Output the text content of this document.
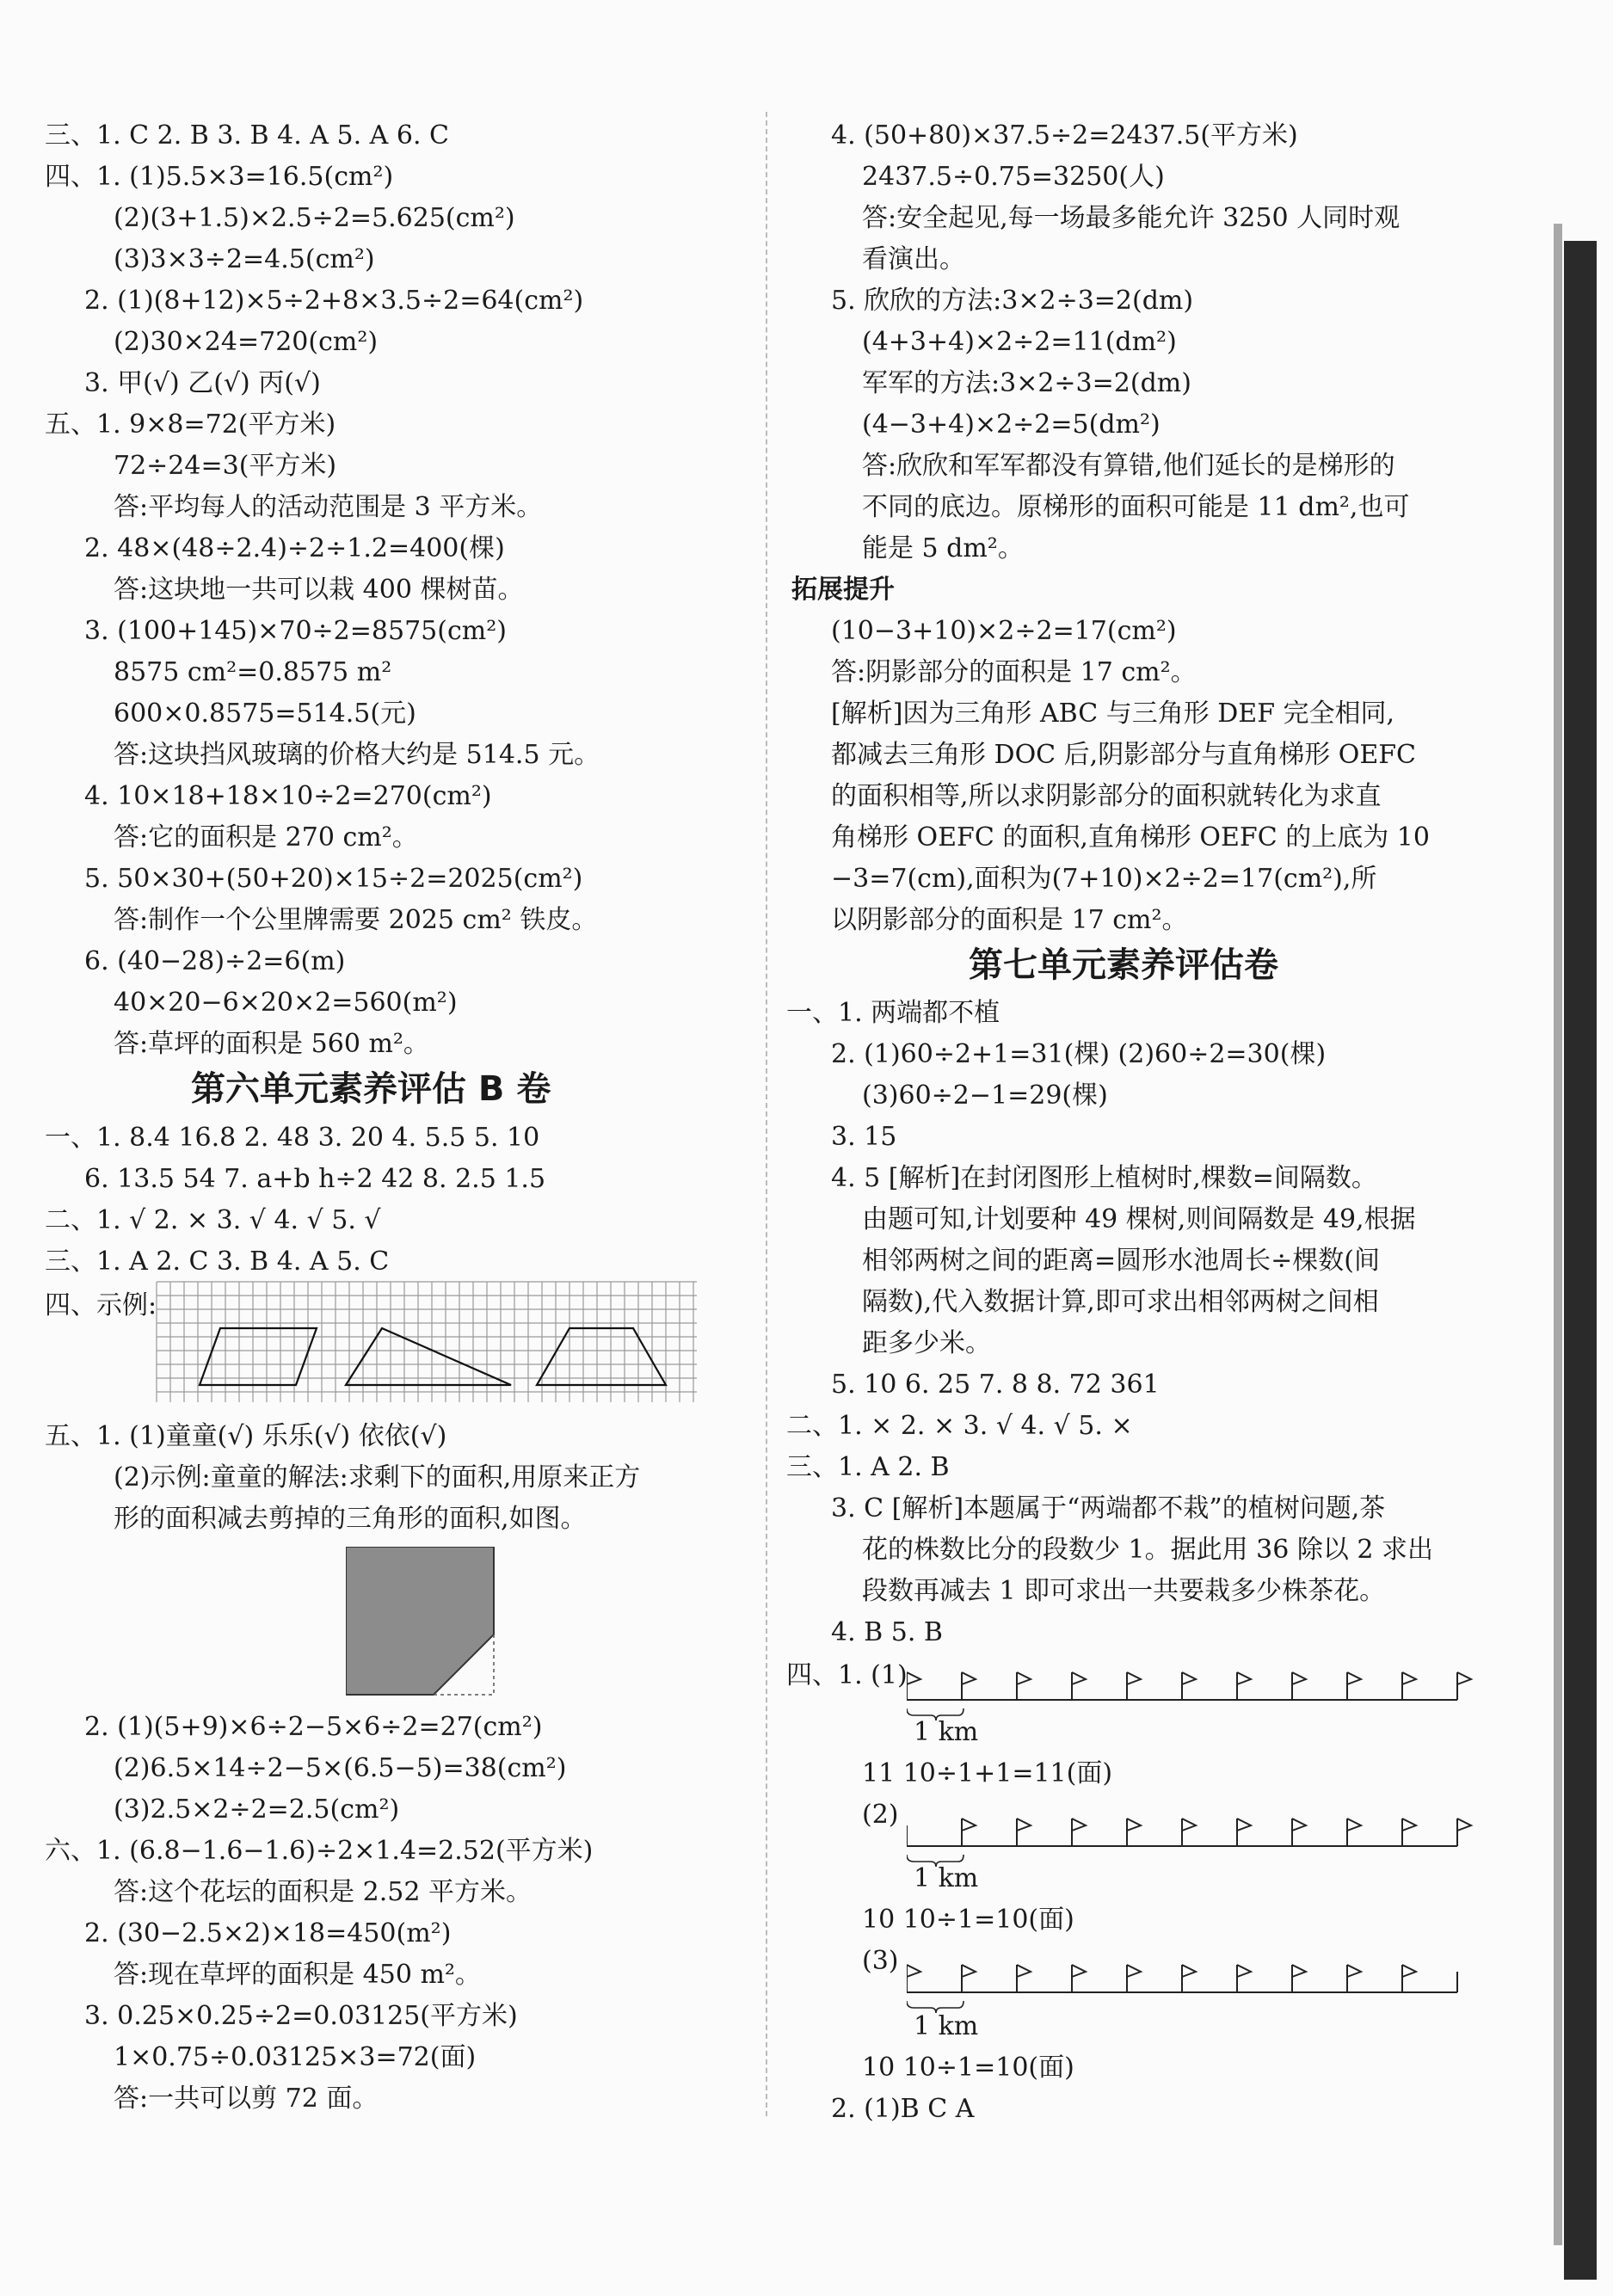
三、1. C 2. B 3. B 4. A 5. A 6. C
四、1. (1)5.5×3=16.5(cm²)
(2)(3+1.5)×2.5÷2=5.625(cm²)
(3)3×3÷2=4.5(cm²)
2. (1)(8+12)×5÷2+8×3.5÷2=64(cm²)
(2)30×24=720(cm²)
3. 甲(√) 乙(√) 丙(√)
五、1. 9×8=72(平方米)
72÷24=3(平方米)
答:平均每人的活动范围是 3 平方米。
2. 48×(48÷2.4)÷2÷1.2=400(棵)
答:这块地一共可以栽 400 棵树苗。
3. (100+145)×70÷2=8575(cm²)
8575 cm²=0.8575 m²
600×0.8575=514.5(元)
答:这块挡风玻璃的价格大约是 514.5 元。
4. 10×18+18×10÷2=270(cm²)
答:它的面积是 270 cm²。
5. 50×30+(50+20)×15÷2=2025(cm²)
答:制作一个公里牌需要 2025 cm² 铁皮。
6. (40−28)÷2=6(m)
40×20−6×20×2=560(m²)
答:草坪的面积是 560 m²。
第六单元素养评估 B 卷
一、1. 8.4 16.8 2. 48 3. 20 4. 5.5 5. 10
6. 13.5 54 7. a+b h÷2 42 8. 2.5 1.5
二、1. √ 2. × 3. √ 4. √ 5. √
三、1. A 2. C 3. B 4. A 5. C
四、示例:
五、1. (1)童童(√) 乐乐(√) 依依(√)
(2)示例:童童的解法:求剩下的面积,用原来正方
形的面积减去剪掉的三角形的面积,如图。
2. (1)(5+9)×6÷2−5×6÷2=27(cm²)
(2)6.5×14÷2−5×(6.5−5)=38(cm²)
(3)2.5×2÷2=2.5(cm²)
六、1. (6.8−1.6−1.6)÷2×1.4=2.52(平方米)
答:这个花坛的面积是 2.52 平方米。
2. (30−2.5×2)×18=450(m²)
答:现在草坪的面积是 450 m²。
3. 0.25×0.25÷2=0.03125(平方米)
1×0.75÷0.03125×3=72(面)
答:一共可以剪 72 面。
4. (50+80)×37.5÷2=2437.5(平方米)
2437.5÷0.75=3250(人)
答:安全起见,每一场最多能允许 3250 人同时观
看演出。
5. 欣欣的方法:3×2÷3=2(dm)
(4+3+4)×2÷2=11(dm²)
军军的方法:3×2÷3=2(dm)
(4−3+4)×2÷2=5(dm²)
答:欣欣和军军都没有算错,他们延长的是梯形的
不同的底边。原梯形的面积可能是 11 dm²,也可
能是 5 dm²。
拓展提升
(10−3+10)×2÷2=17(cm²)
答:阴影部分的面积是 17 cm²。
[解析]因为三角形 ABC 与三角形 DEF 完全相同,
都减去三角形 DOC 后,阴影部分与直角梯形 OEFC
的面积相等,所以求阴影部分的面积就转化为求直
角梯形 OEFC 的面积,直角梯形 OEFC 的上底为 10
−3=7(cm),面积为(7+10)×2÷2=17(cm²),所
以阴影部分的面积是 17 cm²。
第七单元素养评估卷
一、1. 两端都不植
2. (1)60÷2+1=31(棵) (2)60÷2=30(棵)
(3)60÷2−1=29(棵)
3. 15
4. 5 [解析]在封闭图形上植树时,棵数=间隔数。
由题可知,计划要种 49 棵树,则间隔数是 49,根据
相邻两树之间的距离=圆形水池周长÷棵数(间
隔数),代入数据计算,即可求出相邻两树之间相
距多少米。
5. 10 6. 25 7. 8 8. 72 361
二、1. × 2. × 3. √ 4. √ 5. ×
三、1. A 2. B
3. C [解析]本题属于“两端都不栽”的植树问题,茶
花的株数比分的段数少 1。据此用 36 除以 2 求出
段数再减去 1 即可求出一共要栽多少株茶花。
4. B 5. B
四、1. (1)
1 km
11 10÷1+1=11(面)
(2)
1 km
10 10÷1=10(面)
(3)
1 km
10 10÷1=10(面)
2. (1)B C A
